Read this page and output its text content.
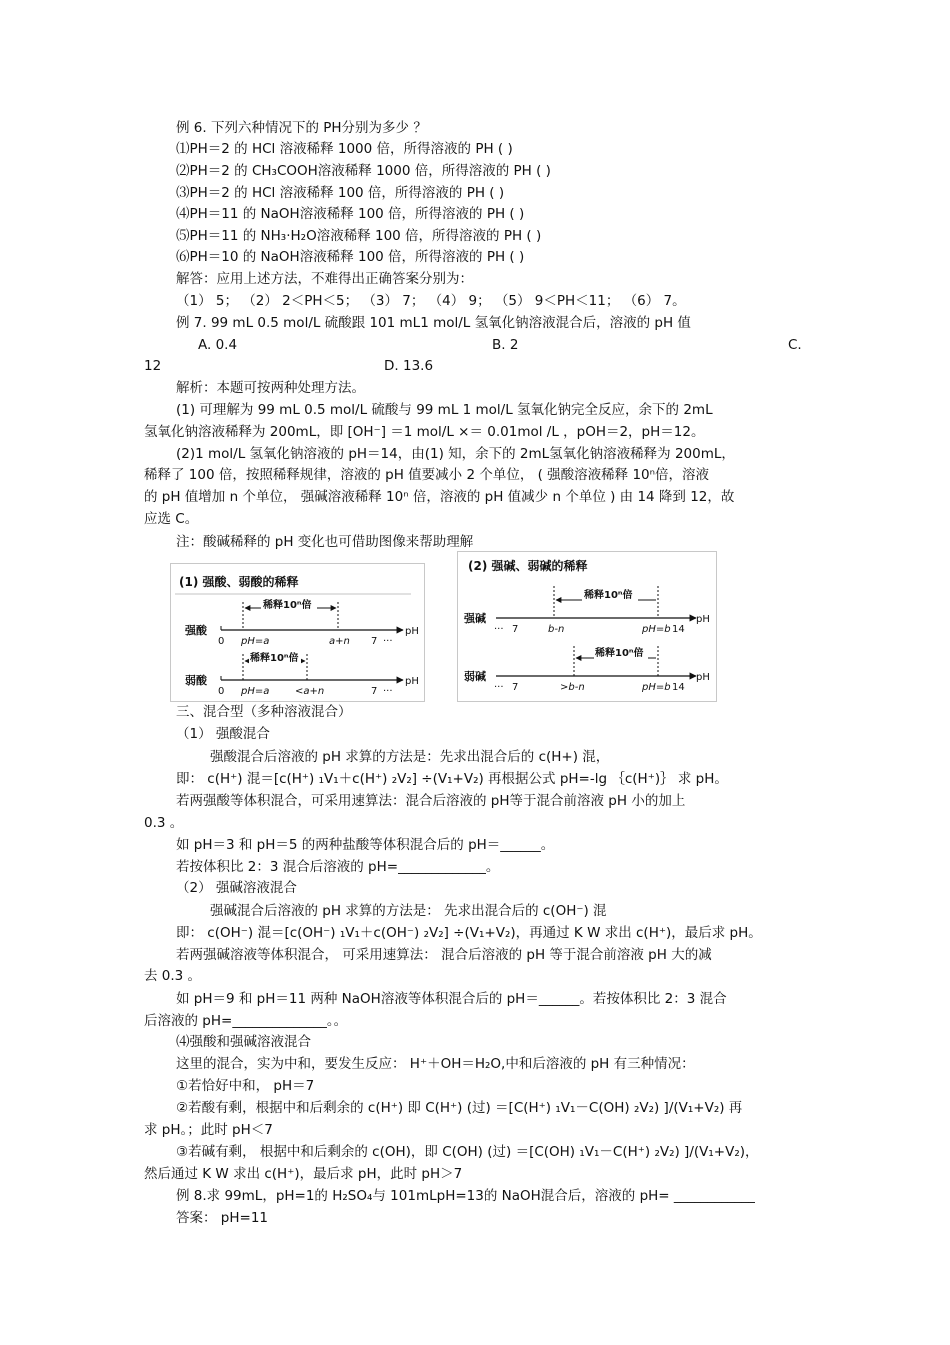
例 6. 下列六种情况下的 PH分别为多少 ？
⑴PH＝2 的 HCl 溶液稀释 1000 倍，所得溶液的 PH ( )
⑵PH＝2 的 CH₃COOH溶液稀释 1000 倍，所得溶液的 PH ( )
⑶PH＝2 的 HCl 溶液稀释 100 倍，所得溶液的 PH ( )
⑷PH＝11 的 NaOH溶液稀释 100 倍，所得溶液的 PH ( )
⑸PH＝11 的 NH₃·H₂O溶液稀释 100 倍，所得溶液的 PH ( )
⑹PH＝10 的 NaOH溶液稀释 100 倍，所得溶液的 PH ( )
解答：应用上述方法，不难得出正确答案分别为：
（1） 5； （2） 2＜PH＜5； （3） 7； （4） 9； （5） 9＜PH＜11； （6） 7。
例 7. 99 mL 0.5 mol/L 硫酸跟 101 mL1 mol/L 氢氧化钠溶液混合后，溶液的 pH 值
A. 0.4	B. 2	C.
12	D. 13.6
解析：本题可按两种处理方法。
(1) 可理解为 99 mL 0.5 mol/L 硫酸与 99 mL 1 mol/L 氢氧化钠完全反应，余下的 2mL
氢氧化钠溶液稀释为 200mL，即 [OH⁻] ＝1 mol/L ×＝ 0.01mol /L ，pOH＝2，pH＝12。
(2)1 mol/L 氢氧化钠溶液的 pH＝14，由(1) 知，余下的 2mL氢氧化钠溶液稀释为 200mL，
稀释了 100 倍，按照稀释规律，溶液的 pH 值要减小 2 个单位， ( 强酸溶液稀释 10ⁿ倍，溶液
的 pH 值增加 n 个单位， 强碱溶液稀释 10ⁿ 倍，溶液的 pH 值减少 n 个单位 ) 由 14 降到 12，故
应选 C。
注：酸碱稀释的 pH 变化也可借助图像来帮助理解
(1) 强酸、弱酸的稀释
强酸
稀释10ⁿ倍
0 pH=a	a+n 7 ···
pH
弱酸
稀释10ⁿ倍
0 pH=a	<a+n	7 ···
pH
(2) 强碱、弱碱的稀释
强碱
稀释10ⁿ倍
··· 7	b-n	pH=b 14
pH
弱碱
稀释10ⁿ倍
··· 7	>b-n	pH=b 14
pH
三、混合型（多种溶液混合）
（1） 强酸混合
强酸混合后溶液的 pH 求算的方法是：先求出混合后的 c(H+) 混，
即： c(H⁺) 混＝[c(H⁺) ₁V₁＋c(H⁺) ₂V₂] ÷(V₁+V₂) 再根据公式 pH=-lg ｛c(H⁺)｝ 求 pH。
若两强酸等体积混合，可采用速算法：混合后溶液的 pH等于混合前溶液 pH 小的加上
0.3 。
如 pH＝3 和 pH＝5 的两种盐酸等体积混合后的 pH＝______。
若按体积比 2：3 混合后溶液的 pH=_____________。
（2） 强碱溶液混合
强碱混合后溶液的 pH 求算的方法是： 先求出混合后的 c(OH⁻) 混
即： c(OH⁻) 混＝[c(OH⁻) ₁V₁＋c(OH⁻) ₂V₂] ÷(V₁+V₂)，再通过 K W 求出 c(H⁺)，最后求 pH。
若两强碱溶液等体积混合， 可采用速算法： 混合后溶液的 pH 等于混合前溶液 pH 大的减
去 0.3 。
如 pH＝9 和 pH＝11 两种 NaOH溶液等体积混合后的 pH＝______。若按体积比 2：3 混合
后溶液的 pH=______________。。
⑷强酸和强碱溶液混合
这里的混合，实为中和，要发生反应： H⁺＋OH＝H₂O,中和后溶液的 pH 有三种情况：
①若恰好中和， pH＝7
②若酸有剩，根据中和后剩余的 c(H⁺) 即 C(H⁺) (过) ＝[C(H⁺) ₁V₁－C(OH) ₂V₂) ]/(V₁+V₂) 再
求 pH。；此时 pH＜7
③若碱有剩， 根据中和后剩余的 c(OH)，即 C(OH) (过) ＝[C(OH) ₁V₁－C(H⁺) ₂V₂) ]/(V₁+V₂)，
然后通过 K W 求出 c(H⁺)，最后求 pH，此时 pH＞7
例 8.求 99mL，pH=1的 H₂SO₄与 101mLpH=13的 NaOH混合后，溶液的 pH= ____________
答案： pH=11
